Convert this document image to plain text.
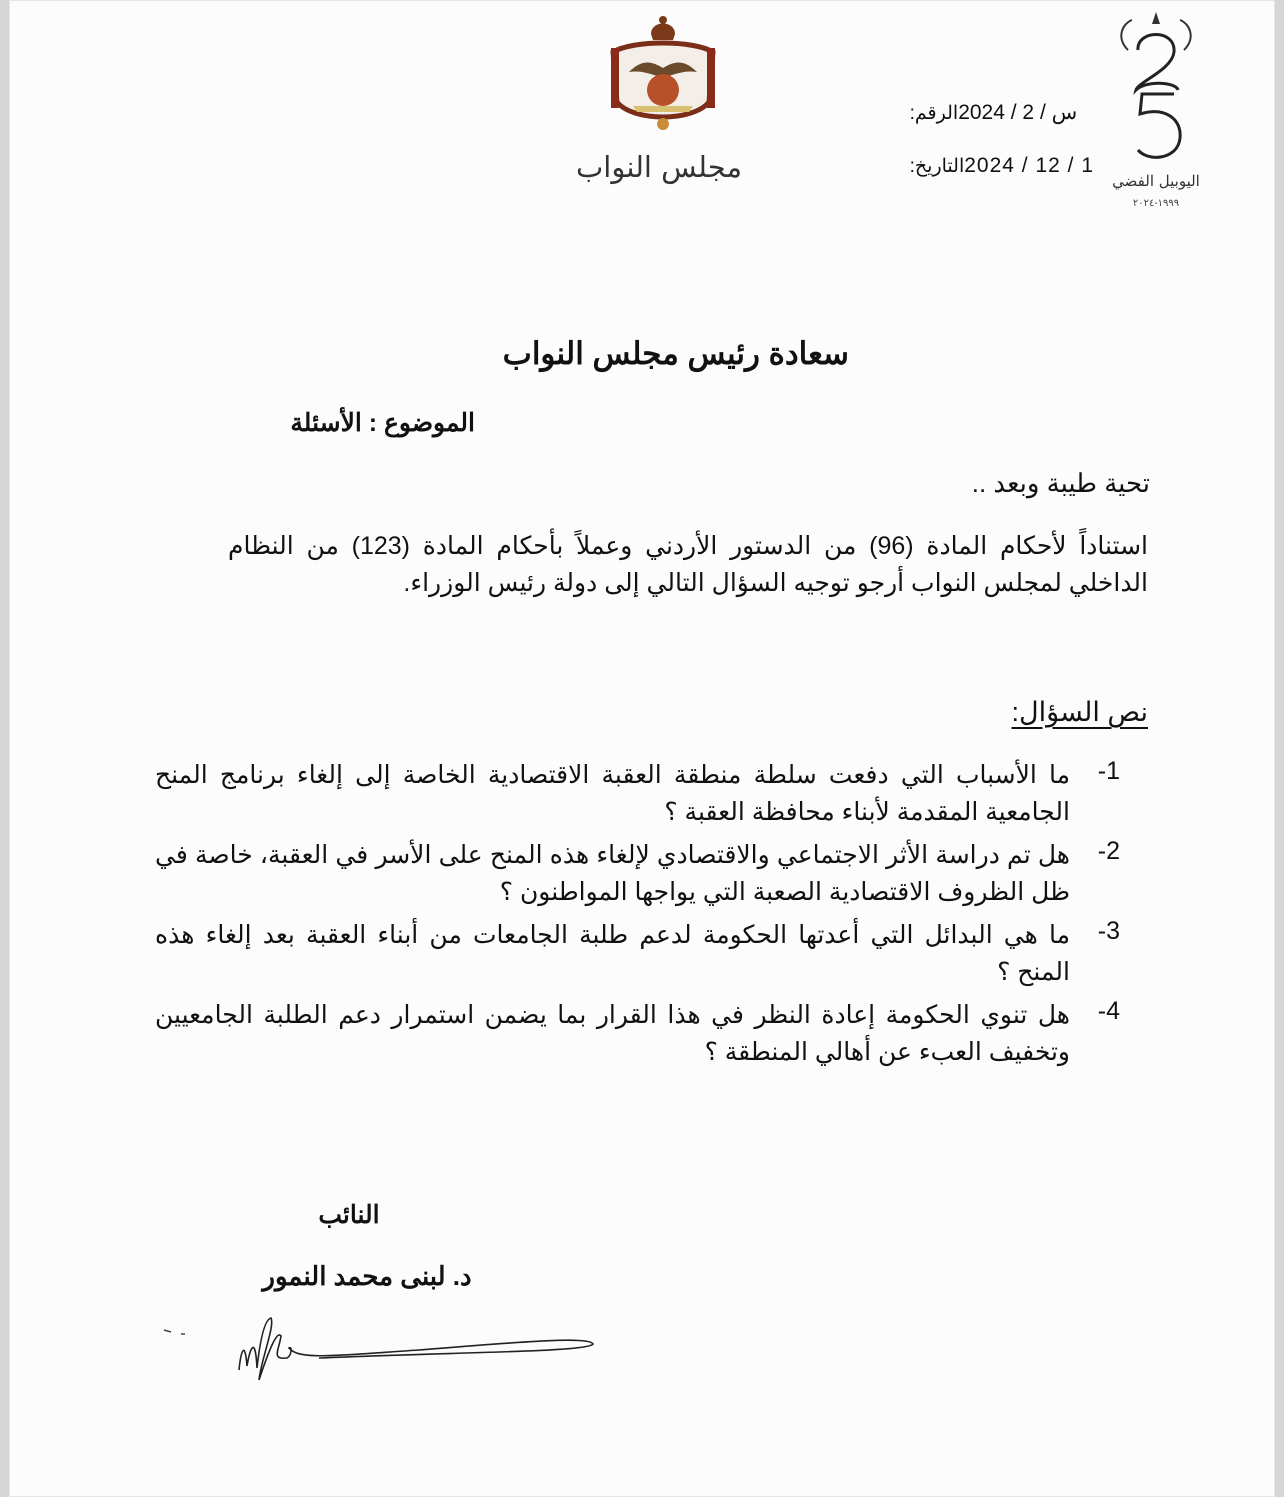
اليوبيل الفضي
١٩٩٩-٢٠٢٤
الرقم: 2024 / س / 2
التاريخ: 2024 / 12 / 1
مجلس النواب
سعادة رئيس مجلس النواب
الموضوع : الأسئلة
تحية طيبة وبعد ..
استناداً لأحكام المادة (96) من الدستور الأردني وعملاً بأحكام المادة (123) من النظام الداخلي لمجلس النواب أرجو توجيه السؤال التالي إلى دولة رئيس الوزراء.
نص السؤال:
-1
ما الأسباب التي دفعت سلطة منطقة العقبة الاقتصادية الخاصة إلى إلغاء برنامج المنح الجامعية المقدمة لأبناء محافظة العقبة ؟
-2
هل تم دراسة الأثر الاجتماعي والاقتصادي لإلغاء هذه المنح على الأسر في العقبة، خاصة في ظل الظروف الاقتصادية الصعبة التي يواجها المواطنون ؟
-3
ما هي البدائل التي أعدتها الحكومة لدعم طلبة الجامعات من أبناء العقبة بعد إلغاء هذه المنح ؟
-4
هل تنوي الحكومة إعادة النظر في هذا القرار بما يضمن استمرار دعم الطلبة الجامعيين وتخفيف العبء عن أهالي المنطقة ؟
النائب
د. لبنى محمد النمور
